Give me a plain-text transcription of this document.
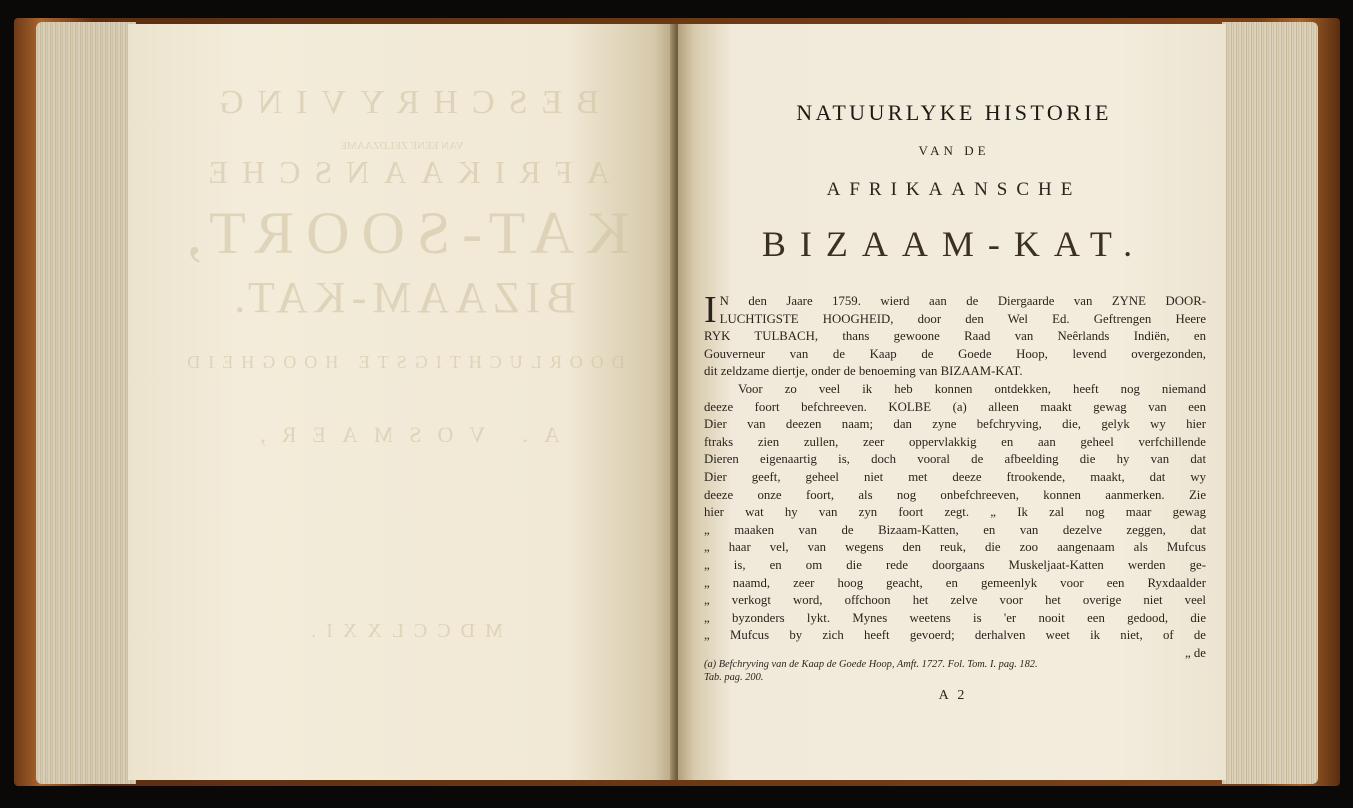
BESCHRYVING
VAN EENE ZELDZAAME
AFRIKAANSCHE
KAT-SOORT,
BIZAAM-KAT.
DOORLUCHTIGSTE HOOGHEID
A. VOSMAER,
MDCCLXXI.
NATUURLYKE HISTORIE
VAN DE
AFRIKAANSCHE
BIZAAM-KAT.
I N den Jaare 1759. wierd aan de Diergaarde van ZYNE DOOR-
LUCHTIGSTE HOOGHEID, door den Wel Ed. Geftrengen Heere
RYK TULBACH, thans gewoone Raad van Neêrlands Indiën, en
Gouverneur van de Kaap de Goede Hoop, levend overgezonden,
dit zeldzame diertje, onder de benoeming van BIZAAM-KAT.
Voor zo veel ik heb konnen ontdekken, heeft nog niemand
deeze foort befchreeven. KOLBE (a) alleen maakt gewag van een
Dier van deezen naam; dan zyne befchryving, die, gelyk wy hier
ftraks zien zullen, zeer oppervlakkig en aan geheel verfchillende
Dieren eigenaartig is, doch vooral de afbeelding die hy van dat
Dier geeft, geheel niet met deeze ftrookende, maakt, dat wy
deeze onze foort, als nog onbefchreeven, konnen aanmerken. Zie
hier wat hy van zyn foort zegt. „ Ik zal nog maar gewag
„ maaken van de Bizaam-Katten, en van dezelve zeggen, dat
„ haar vel, van wegens den reuk, die zoo aangenaam als Mufcus
„ is, en om die rede doorgaans Muskeljaat-Katten werden ge-
„ naamd, zeer hoog geacht, en gemeenlyk voor een Ryxdaalder
„ verkogt word, offchoon het zelve voor het overige niet veel
„ byzonders lykt. Mynes weetens is 'er nooit een gedood, die
„ Mufcus by zich heeft gevoerd; derhalven weet ik niet, of de
„ de
(a) Befchryving van de Kaap de Goede Hoop, Amft. 1727. Fol. Tom. I. pag. 182.
Tab. pag. 200.
A 2
